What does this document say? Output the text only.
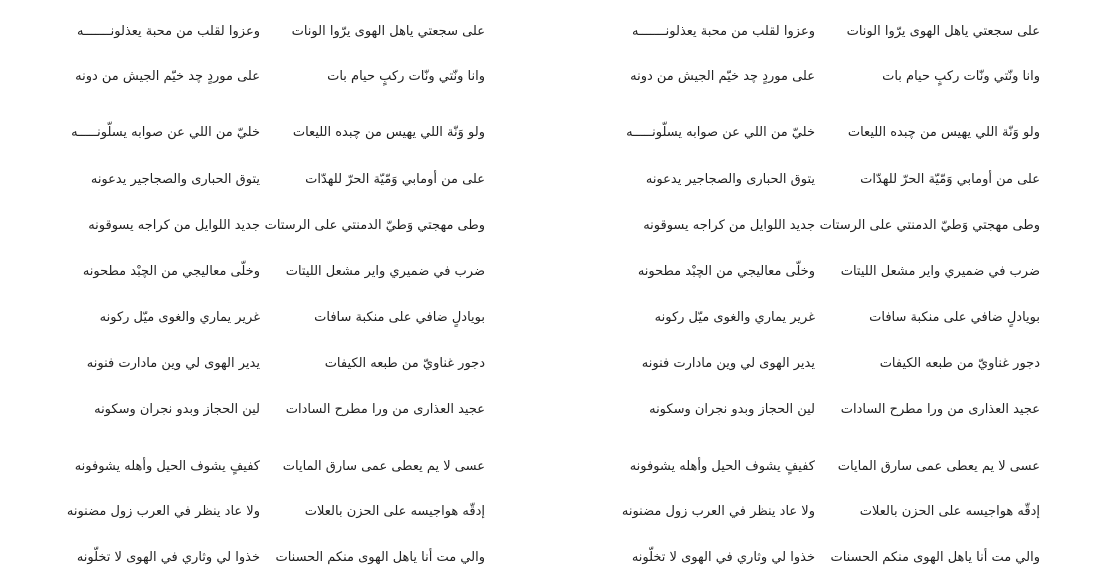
على سجعتي ياهل الهوى يرّوا الونات
وعزوا لقلب من محبة يعذلونـــــــه
وانا ونّتي ونّات ركبٍ حيام بات
على موردٍ چد خيّم الجيش من دونه
ولو وَنّة اللي يهيس من چبده الليعات
خليّ من اللي عن صوابه يسلّونـــــه
على من أومابي وَمّيّة الحرّ للهدّات
يتوق الحبارى والصجاجير يدعونه
وطى مهجتي وَطيّ الدمنتي على الرستات
جديد اللوايل من كراجه يسوقونه
ضرب في ضميري واير مشعل الليتات
وخلّى معاليجي من الچبْد مطحونه
بويادلٍ ضافي على منكبة سافات
غرير يماري والغوى ميّل ركونه
دجور غناويّ من طبعه الكيفات
يدير الهوى لي وين مادارت فنونه
عجيد العذارى من ورا مطرح السادات
لين الحجاز وبدو نجران وسكونه
عسى لا يم يعطى عمى سارق المايات
كفيفٍ يشوف الحيل وأهله يشوفونه
إدقّه هواجيسه على الحزن بالعلات
ولا عاد ينظر في العرب زول مضنونه
والي مت أنا ياهل الهوى منكم الحسنات
خذوا لي وثاري في الهوى لا تخلّونه
على سجعتي ياهل الهوى يرّوا الونات
وعزوا لقلب من محبة يعذلونـــــــه
وانا ونّتي ونّات ركبٍ حيام بات
على موردٍ چد خيّم الجيش من دونه
ولو وَنّة اللي يهيس من چبده الليعات
خليّ من اللي عن صوابه يسلّونـــــه
على من أومابي وَمّيّة الحرّ للهدّات
يتوق الحبارى والصجاجير يدعونه
وطى مهجتي وَطيّ الدمنتي على الرستات
جديد اللوايل من كراجه يسوقونه
ضرب في ضميري واير مشعل الليتات
وخلّى معاليجي من الچبْد مطحونه
بويادلٍ ضافي على منكبة سافات
غرير يماري والغوى ميّل ركونه
دجور غناويّ من طبعه الكيفات
يدير الهوى لي وين مادارت فنونه
عجيد العذارى من ورا مطرح السادات
لين الحجاز وبدو نجران وسكونه
عسى لا يم يعطى عمى سارق المايات
كفيفٍ يشوف الحيل وأهله يشوفونه
إدقّه هواجيسه على الحزن بالعلات
ولا عاد ينظر في العرب زول مضنونه
والي مت أنا ياهل الهوى منكم الحسنات
خذوا لي وثاري في الهوى لا تخلّونه
